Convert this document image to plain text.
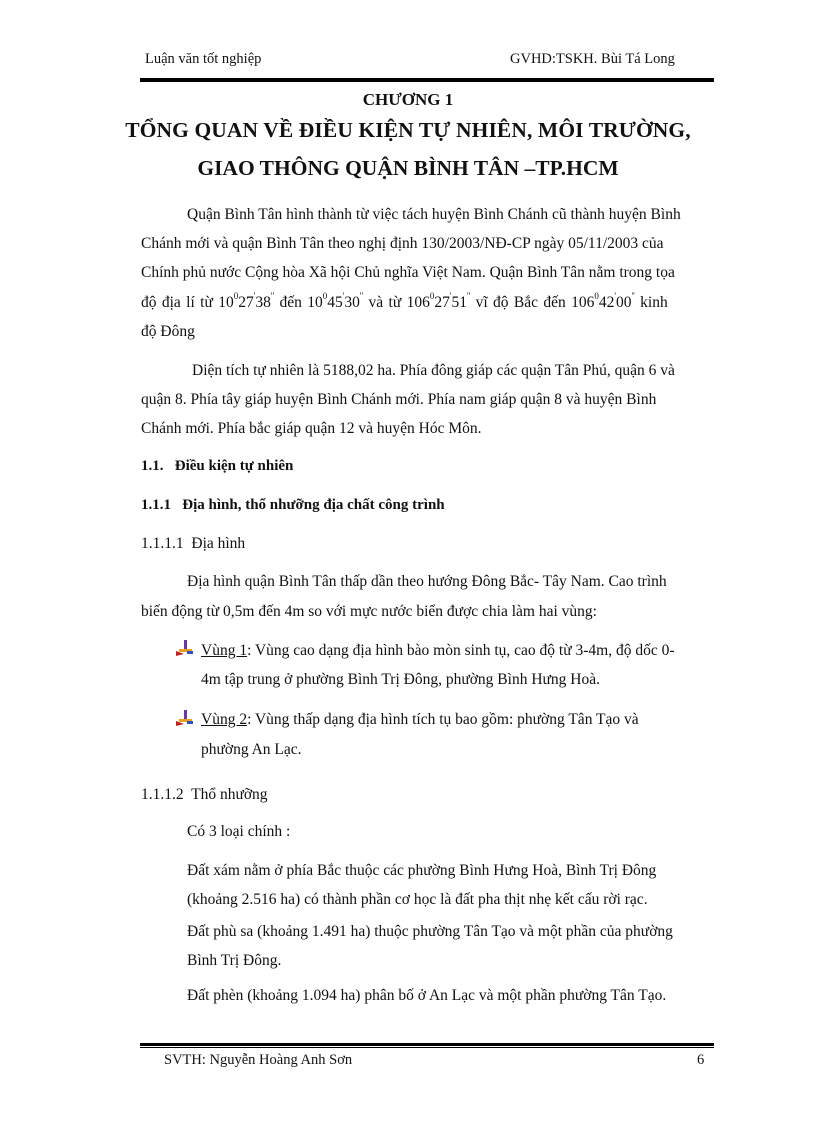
Luận văn tốt nghiệp	GVHD:TSKH. Bùi Tá Long
CHƯƠNG 1
TỔNG QUAN VỀ ĐIỀU KIỆN TỰ NHIÊN, MÔI TRƯỜNG,
GIAO THÔNG QUẬN BÌNH TÂN –TP.HCM
Quận Bình Tân hình thành từ việc tách huyện Bình Chánh cũ thành huyện Bình
Chánh mới và quận Bình Tân theo nghị định 130/2003/NĐ-CP ngày 05/11/2003 của
Chính phủ nước Cộng hòa Xã hội Chủ nghĩa Việt Nam. Quận Bình Tân nằm trong tọa
độ địa lí từ $10^027'38''$ đến $10^045'30''$ và từ $106^027'51''$ vĩ độ Bắc đến $106^042'00''$ kinh
độ Đông
Diện tích tự nhiên là 5188,02 ha. Phía đông giáp các quận Tân Phú, quận 6 và
quận 8. Phía tây giáp huyện Bình Chánh mới. Phía nam giáp quận 8 và huyện Bình
Chánh mới. Phía bắc giáp quận 12 và huyện Hóc Môn.
1.1.   Điều kiện tự nhiên
1.1.1   Địa hình, thổ nhưỡng địa chất công trình
1.1.1.1  Địa hình
Địa hình quận Bình Tân thấp dần theo hướng Đông Bắc- Tây Nam. Cao trình
biến động từ 0,5m đến 4m so với mực nước biển được chia làm hai vùng:
Vùng 1: Vùng cao dạng địa hình bào mòn sinh tụ, cao độ từ 3-4m, độ dốc 0-
4m tập trung ở phường Bình Trị Đông, phường Bình Hưng Hoà.
Vùng 2: Vùng thấp dạng địa hình tích tụ bao gồm: phường Tân Tạo và
phường An Lạc.
1.1.1.2  Thổ nhưỡng
Có 3 loại chính :
Đất xám nằm ở phía Bắc thuộc các phường Bình Hưng Hoà, Bình Trị Đông
(khoảng 2.516 ha) có thành phần cơ học là đất pha thịt nhẹ kết cấu rời rạc.
Đất phù sa (khoảng 1.491 ha) thuộc phường Tân Tạo và một phần của phường
Bình Trị Đông.
Đất phèn (khoảng 1.094 ha) phân bố ở An Lạc và một phần phường Tân Tạo.
SVTH: Nguyễn Hoàng Anh Sơn	6
